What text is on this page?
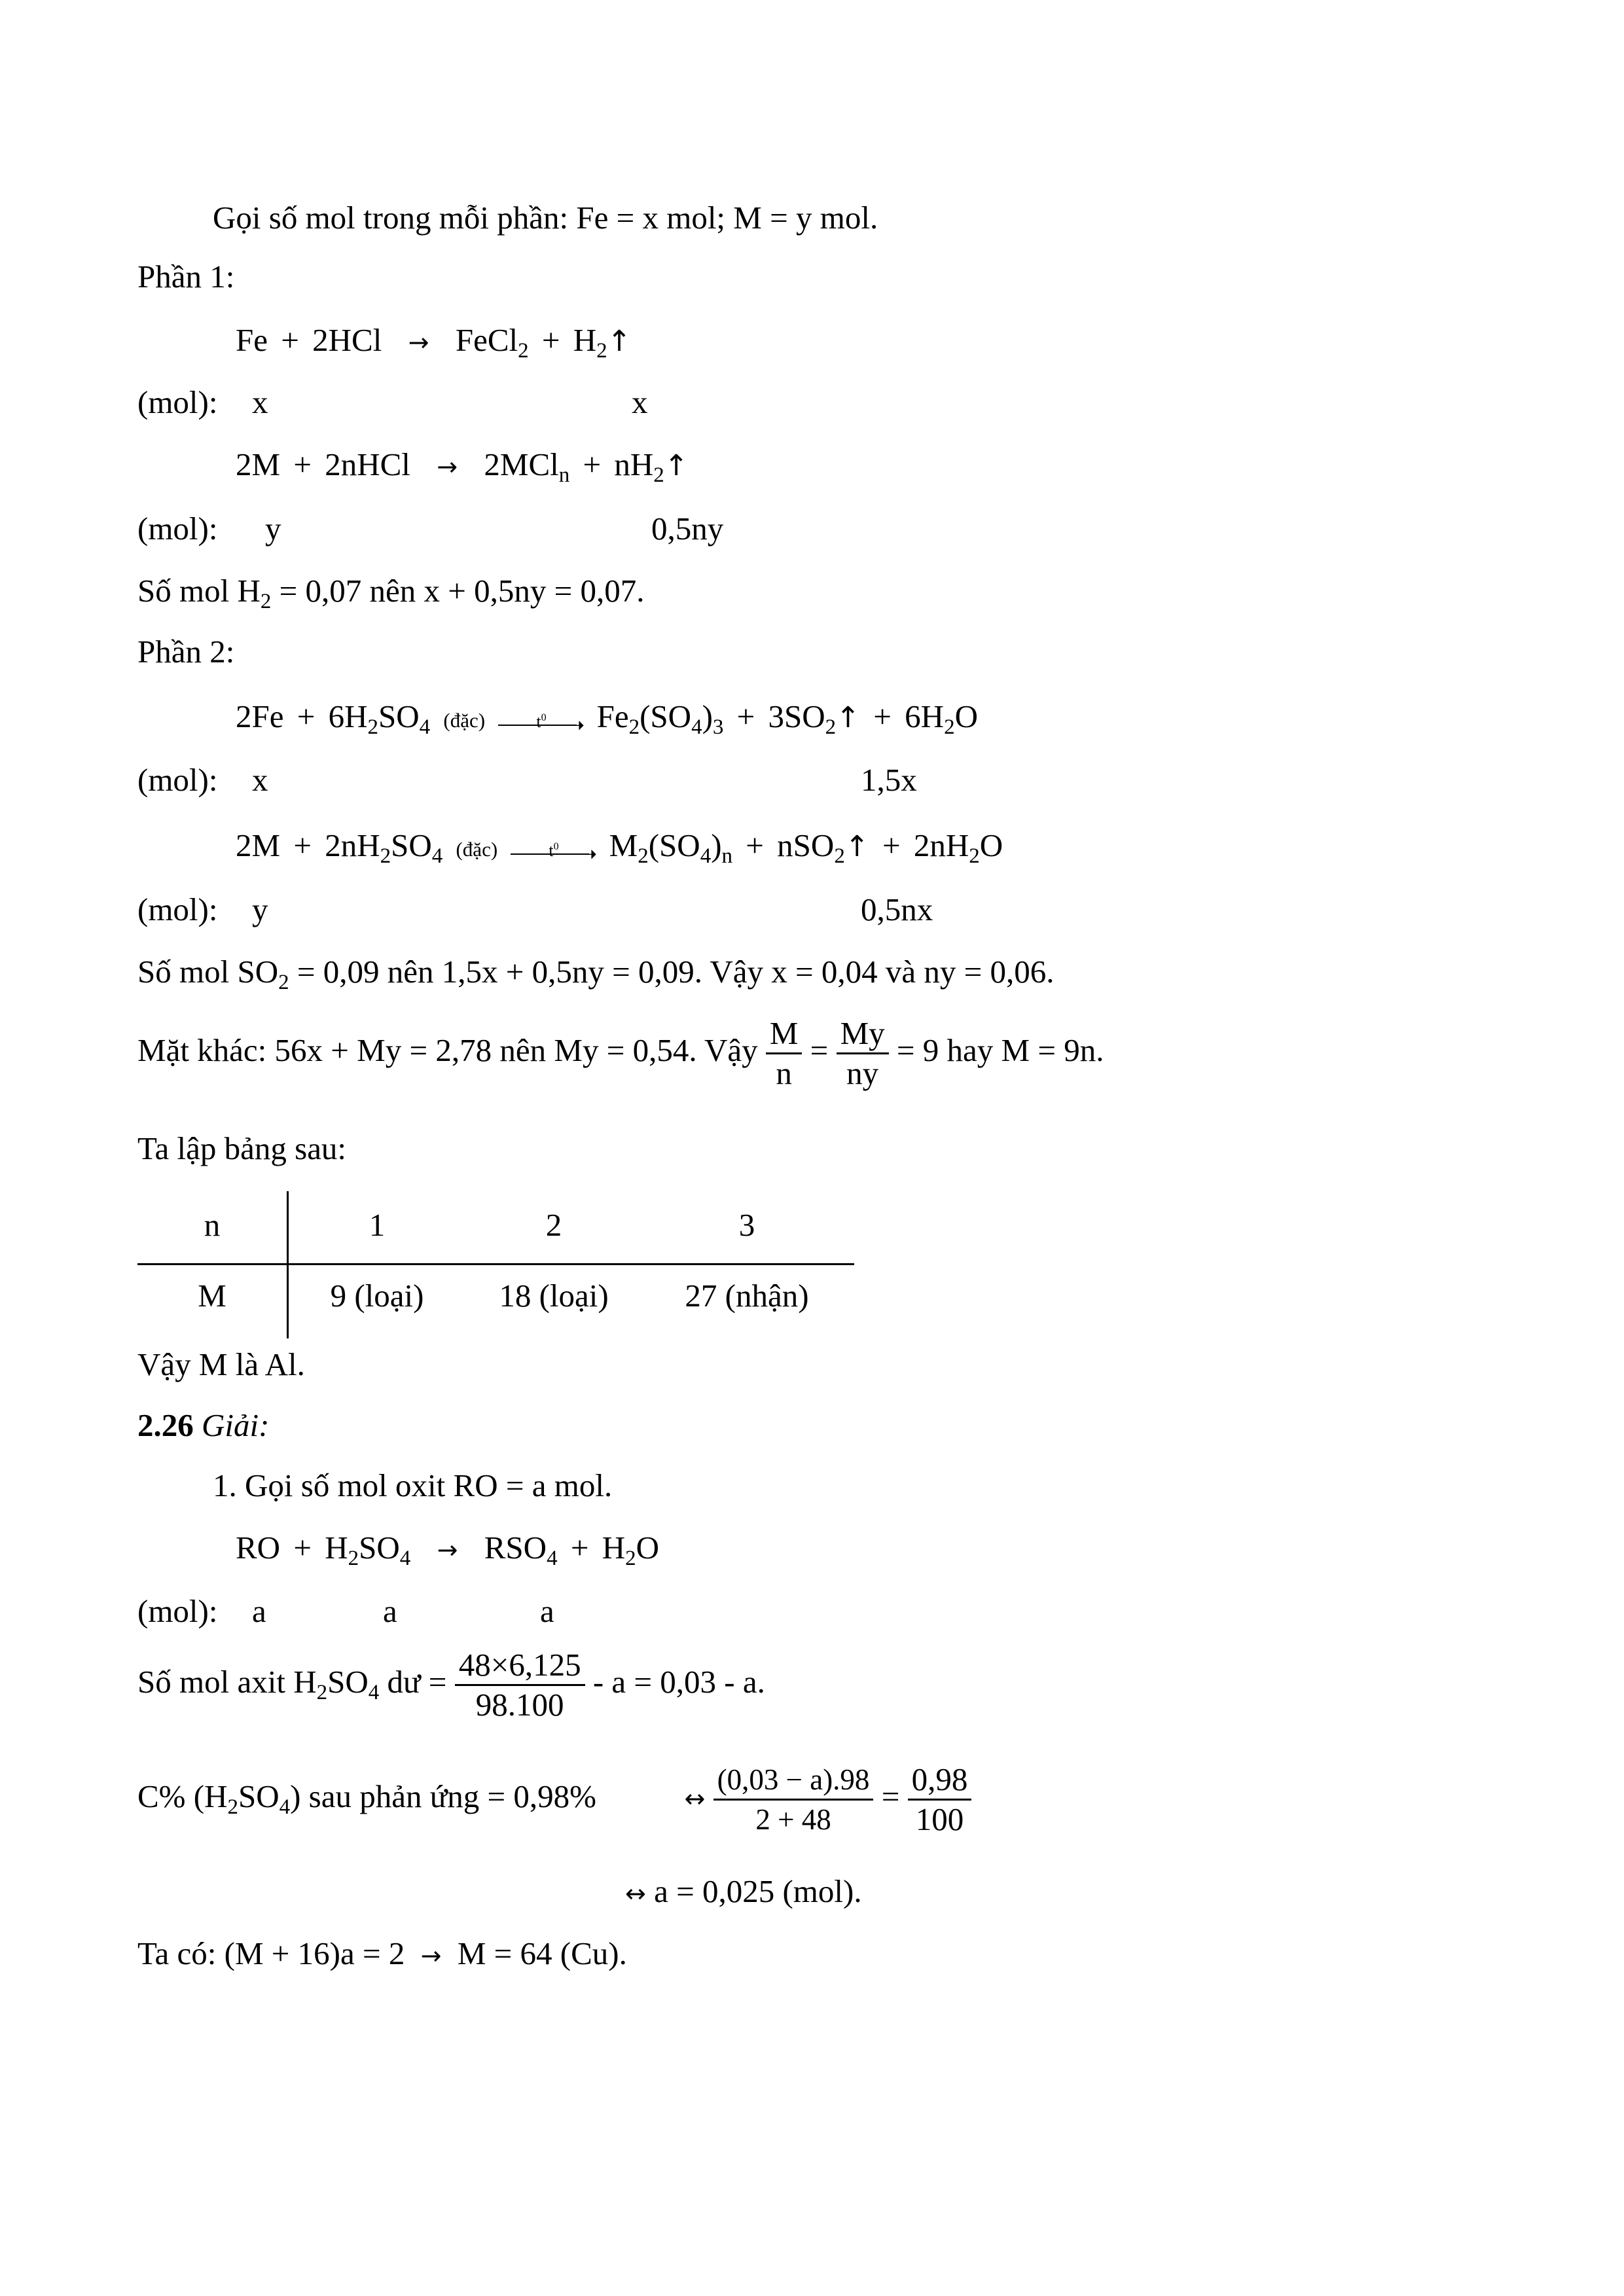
Gọi số mol trong mỗi phần: Fe = x mol; M = y mol.
Phần 1:
Fe + 2HCl  →  FeCl$_2$ + $H_2↑$
(mol): x	x
2M + 2nHCl  →  $2MCl_n + nH_2↑$
(mol): y	0,5ny
Số mol $H_2 = 0,07$ nên x + 0,5ny = 0,07.
Phần 2:
$2Fe + 6H_2SO_4$ (đặc)	$t^0$ ➝ $Fe_2(SO_4)_3$ + $3SO_2↑ + 6H_2O$
(mol): x	1,5x
$2M + 2nH_2SO_4$ (đặc)	$t^0$ ➝ $M_2(SO_4)_n$ + nSO$_2$↑ + $2nH_2O$
(mol): y	0,5nx
Số mol $SO_2 = 0,09$ nên 1,5x + 0,5ny = 0,09. Vậy x = 0,04 và ny = 0,06.
Mặt khác: 56x + My = 2,78 nên My = 0,54. Vậy $\frac{M}{n} = \frac{My}{ny} = 9$ hay M = 9n.
Ta lập bảng sau:
n	1	2	3
M	9 (loại)	18 (loại)	27 (nhận)
Vậy M là Al.
2.26 Giải:
1. Gọi số mol oxit RO = a mol.
RO + $H_2SO_4 \to RSO_4 + H_2O$
(mol): a	a	a
Số mol axit $H_2SO_4$ dư = $\frac{48\times 6,125}{98.100} - a = 0,03 - a$.
C% $(H_2SO_4)$ sau phản ứng = 0,98%	↔ $\frac{(0,03 - a).98}{2 + 48} = \frac{0,98}{100}$
↔ a = 0,025 (mol).
Ta có: (M + 16)a = 2  →  M = 64 (Cu).
